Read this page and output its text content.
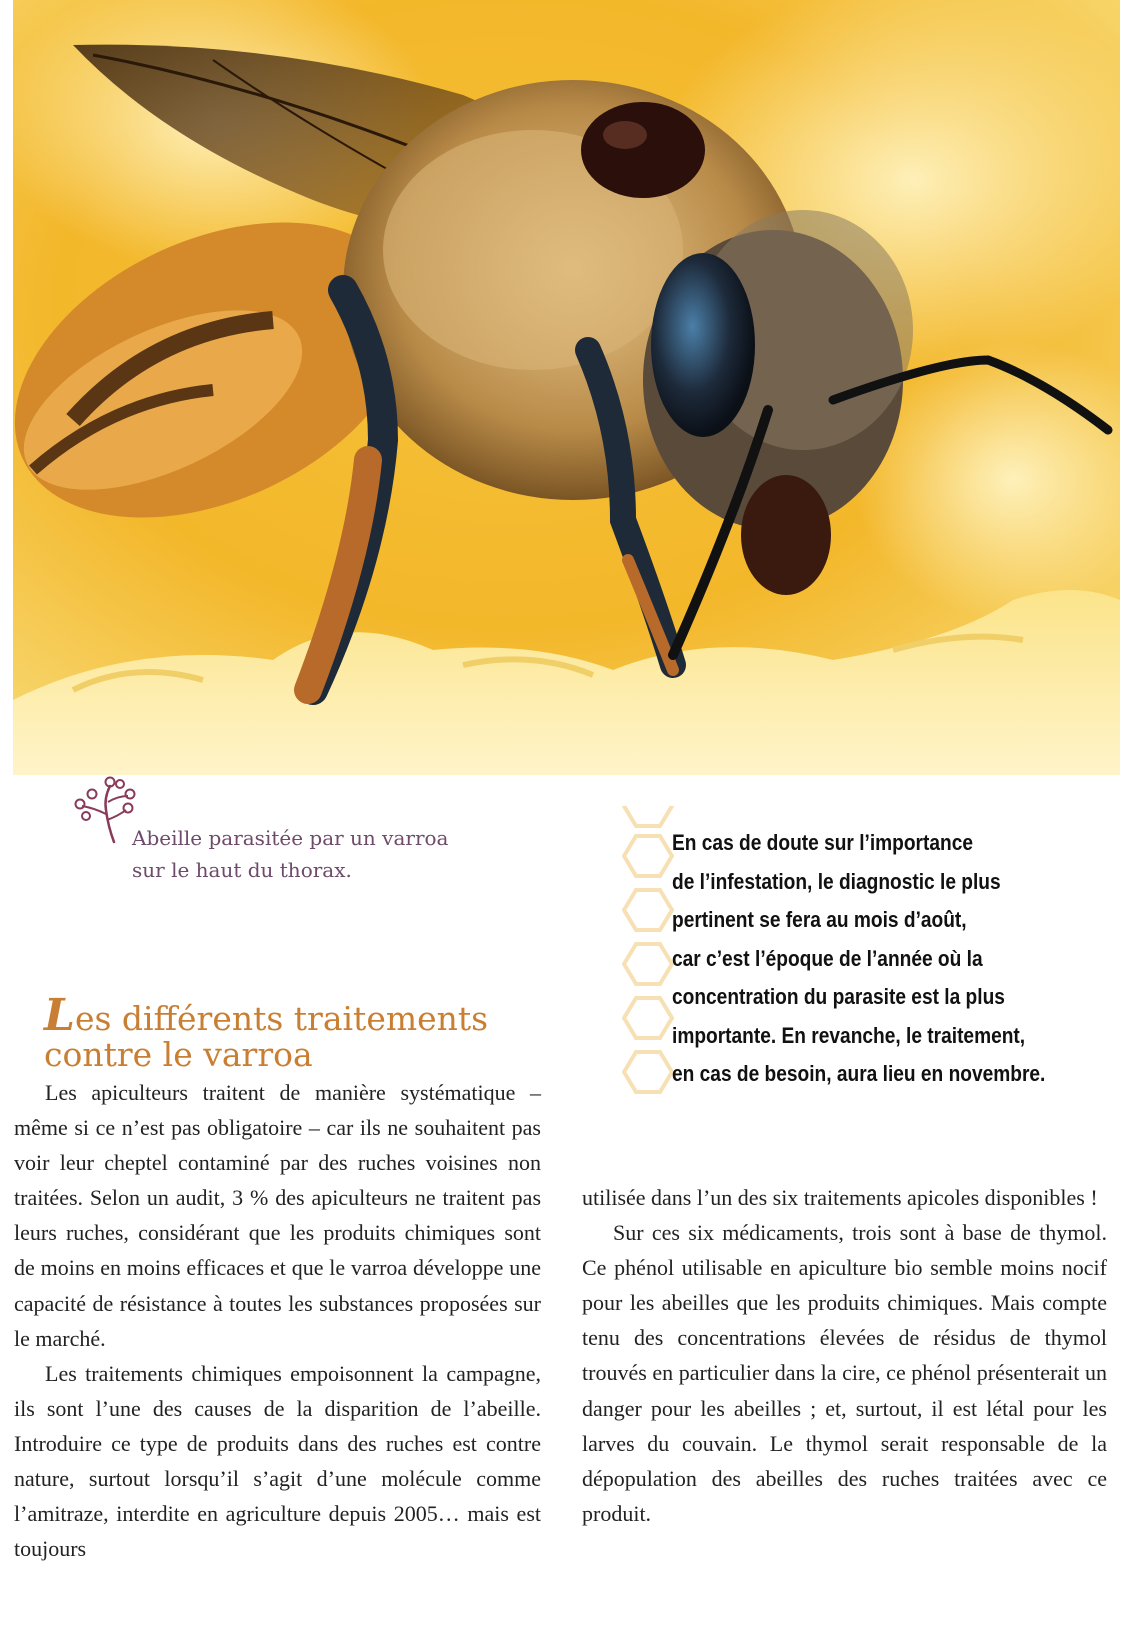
Abeille parasitée par un varroa
sur le haut du thorax.
En cas de doute sur l’importance
de l’infestation, le diagnostic le plus
pertinent se fera au mois d’août,
car c’est l’époque de l’année où la
concentration du parasite est la plus
importante. En revanche, le traitement,
en cas de besoin, aura lieu en novembre.
Les différents traitements
contre le varroa

Les apiculteurs traitent de manière systématique – même si ce n’est pas obligatoire – car ils ne souhaitent pas voir leur cheptel contaminé par des ruches voisines non traitées. Selon un audit, 3 % des apiculteurs ne traitent pas leurs ruches, considérant que les produits chimiques sont de moins en moins efficaces et que le varroa développe une capacité de résistance à toutes les substances proposées sur le marché.

Les traitements chimiques empoisonnent la campagne, ils sont l’une des causes de la disparition de l’abeille. Introduire ce type de produits dans des ruches est contre nature, surtout lorsqu’il s’agit d’une molécule comme l’amitraze, interdite en agriculture depuis 2005… mais est toujours

utilisée dans l’un des six traitements apicoles disponibles !

Sur ces six médicaments, trois sont à base de thymol. Ce phénol utilisable en apiculture bio semble moins nocif pour les abeilles que les produits chimiques. Mais compte tenu des concentrations élevées de résidus de thymol trouvés en particulier dans la cire, ce phénol présenterait un danger pour les abeilles ; et, surtout, il est létal pour les larves du couvain. Le thymol serait responsable de la dépopulation des abeilles des ruches traitées avec ce produit.
